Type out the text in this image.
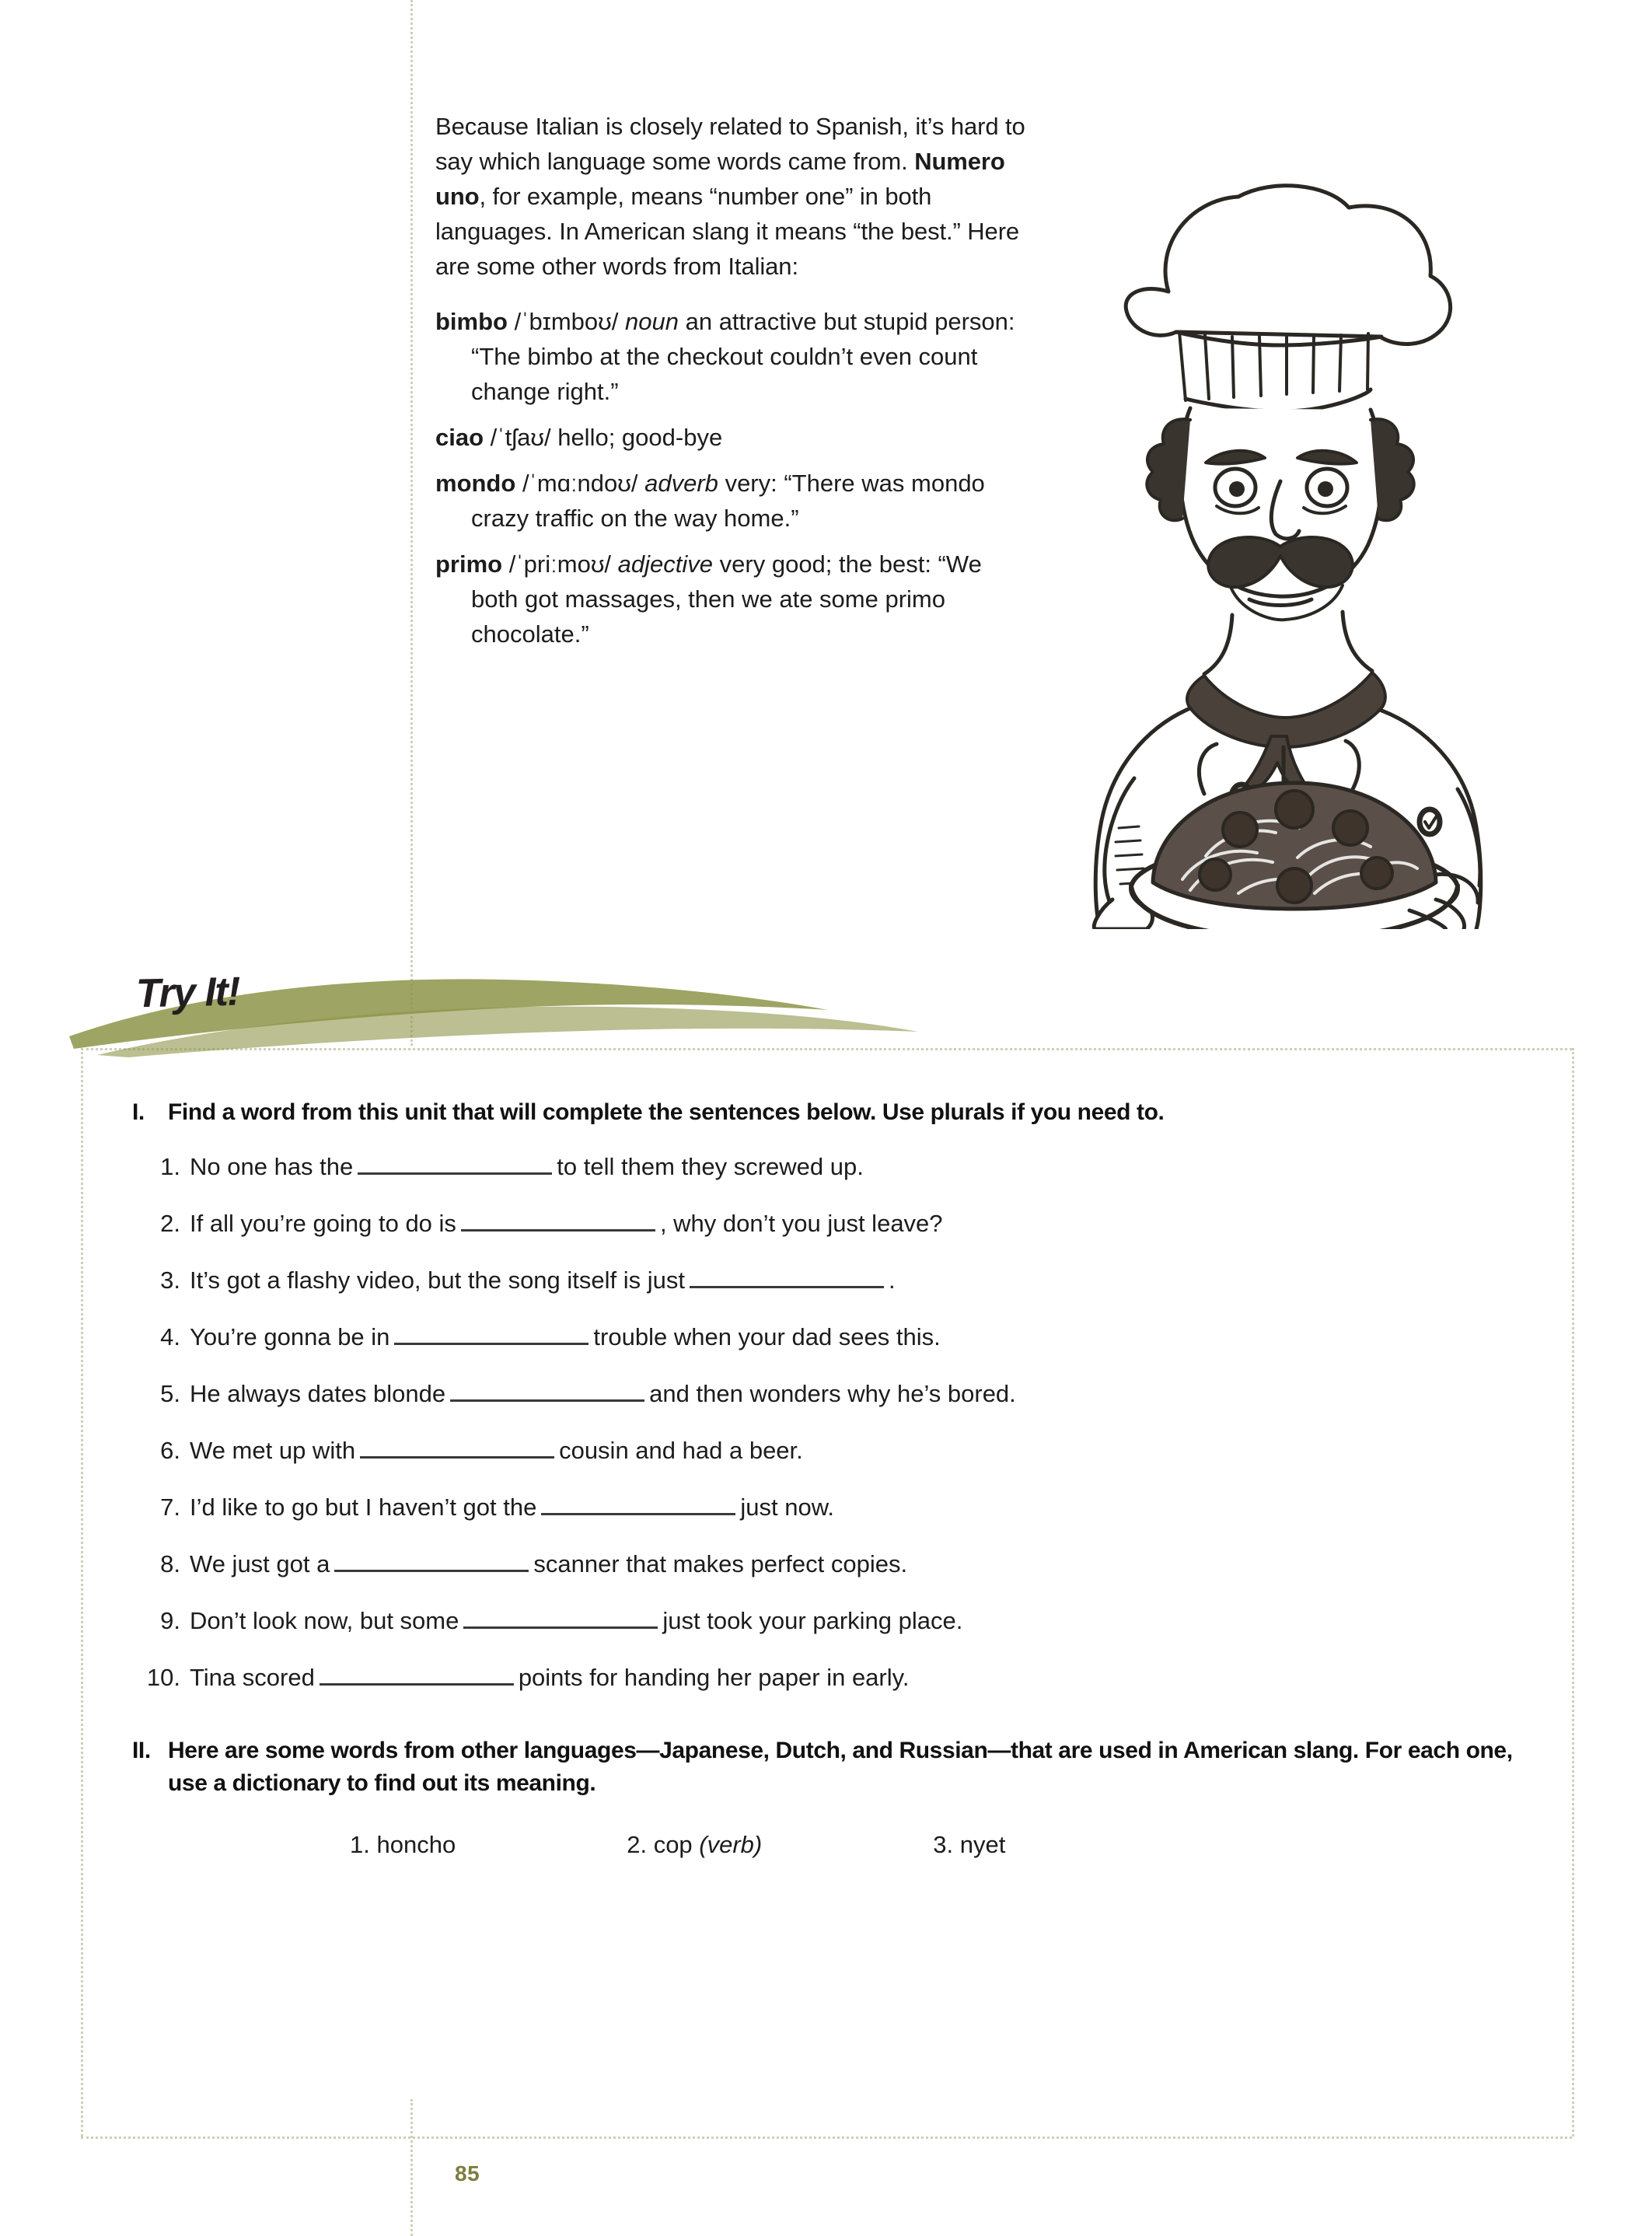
Because Italian is closely related to Spanish, it’s hard to say which language some words came from. Numero uno, for example, means “number one” in both languages. In American slang it means “the best.” Here are some other words from Italian:

bimbo /ˈbɪmboʊ/ noun an attractive but stupid person: “The bimbo at the checkout couldn’t even count change right.”

ciao /ˈtʃaʊ/ hello; good-bye

mondo /ˈmɑːndoʊ/ adverb very: “There was mondo crazy traffic on the way home.”

primo /ˈpriːmoʊ/ adjective very good; the best: “We both got massages, then we ate some primo chocolate.”

Try It!
I.	Find a word from this unit that will complete the sentences below. Use plurals if you need to.
1. No one has the	to tell them they screwed up.
2. If all you’re going to do is	, why don’t you just leave?
3. It’s got a flashy video, but the song itself is just	.
4. You’re gonna be in	trouble when your dad sees this.
5. He always dates blonde	and then wonders why he’s bored.
6. We met up with	cousin and had a beer.
7. I’d like to go but I haven’t got the	just now.
8. We just got a	scanner that makes perfect copies.
9. Don’t look now, but some	just took your parking place.
10. Tina scored	points for handing her paper in early.
II. Here are some words from other languages—Japanese, Dutch, and Russian—that are used in American slang. For each one, use a dictionary to find out its meaning.
1. honcho	2. cop (verb)	3. nyet
85
